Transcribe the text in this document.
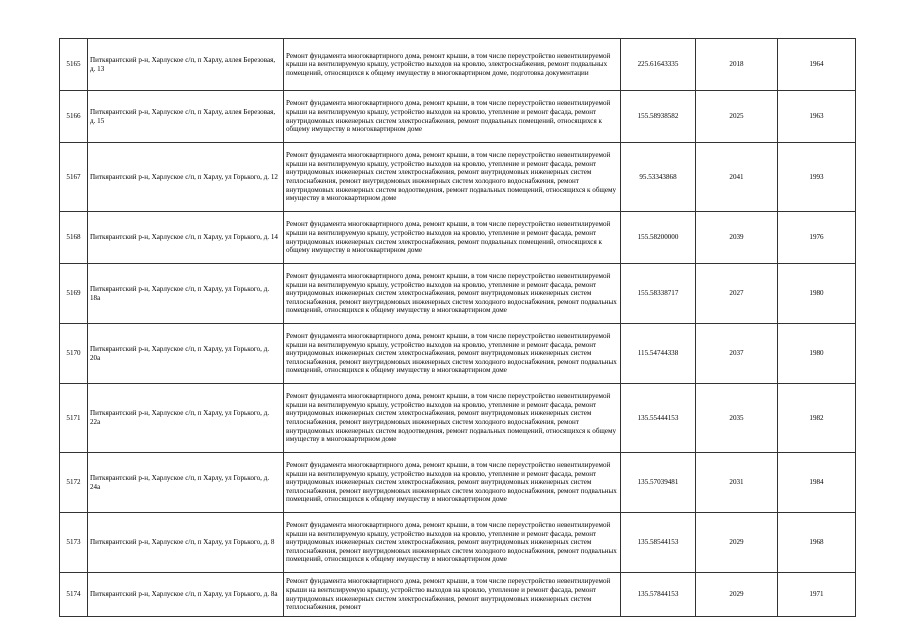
5165	Питкярантский р-н, Харлуское с/п, п Харлу, аллея Березовая, д. 13	Ремонт фундамента многоквартирного дома, ремонт крыши, в том числе переустройство невентилируемой крыши на вентилируемую крышу, устройство выходов на кровлю, электроснабжения, ремонт подвальных помещений, относящихся к общему имуществу в многоквартирном доме, подготовка документации	225.61643335	2018	1964
5166	Питкярантский р-н, Харлуское с/п, п Харлу, аллея Березовая, д. 15	Ремонт фундамента многоквартирного дома, ремонт крыши, в том числе переустройство невентилируемой крыши на вентилируемую крышу, устройство выходов на кровлю, утепление и ремонт фасада, ремонт внутридомовых инженерных систем электроснабжения, ремонт подвальных помещений, относящихся к общему имуществу в многоквартирном доме	155.58938582	2025	1963
5167	Питкярантский р-н, Харлуское с/п, п Харлу, ул Горького, д. 12	Ремонт фундамента многоквартирного дома, ремонт крыши, в том числе переустройство невентилируемой крыши на вентилируемую крышу, устройство выходов на кровлю, утепление и ремонт фасада, ремонт внутридомовых инженерных систем электроснабжения, ремонт внутридомовых инженерных систем теплоснабжения, ремонт внутридомовых инженерных систем холодного водоснабжения, ремонт внутридомовых инженерных систем водоотведения, ремонт подвальных помещений, относящихся к общему имуществу в многоквартирном доме	95.53343868	2041	1993
5168	Питкярантский р-н, Харлуское с/п, п Харлу, ул Горького, д. 14	Ремонт фундамента многоквартирного дома, ремонт крыши, в том числе переустройство невентилируемой крыши на вентилируемую крышу, устройство выходов на кровлю, утепление и ремонт фасада, ремонт внутридомовых инженерных систем электроснабжения, ремонт подвальных помещений, относящихся к общему имуществу в многоквартирном доме	155.58200000	2039	1976
5169	Питкярантский р-н, Харлуское с/п, п Харлу, ул Горького, д. 18а	Ремонт фундамента многоквартирного дома, ремонт крыши, в том числе переустройство невентилируемой крыши на вентилируемую крышу, устройство выходов на кровлю, утепление и ремонт фасада, ремонт внутридомовых инженерных систем электроснабжения, ремонт внутридомовых инженерных систем теплоснабжения, ремонт внутридомовых инженерных систем холодного водоснабжения, ремонт подвальных помещений, относящихся к общему имуществу в многоквартирном доме	155.58338717	2027	1980
5170	Питкярантский р-н, Харлуское с/п, п Харлу, ул Горького, д. 20а	Ремонт фундамента многоквартирного дома, ремонт крыши, в том числе переустройство невентилируемой крыши на вентилируемую крышу, устройство выходов на кровлю, утепление и ремонт фасада, ремонт внутридомовых инженерных систем электроснабжения, ремонт внутридомовых инженерных систем теплоснабжения, ремонт внутридомовых инженерных систем холодного водоснабжения, ремонт подвальных помещений, относящихся к общему имуществу в многоквартирном доме	115.54744338	2037	1980
5171	Питкярантский р-н, Харлуское с/п, п Харлу, ул Горького, д. 22а	Ремонт фундамента многоквартирного дома, ремонт крыши, в том числе переустройство невентилируемой крыши на вентилируемую крышу, устройство выходов на кровлю, утепление и ремонт фасада, ремонт внутридомовых инженерных систем электроснабжения, ремонт внутридомовых инженерных систем теплоснабжения, ремонт внутридомовых инженерных систем холодного водоснабжения, ремонт внутридомовых инженерных систем водоотведения, ремонт подвальных помещений, относящихся к общему имуществу в многоквартирном доме	135.55444153	2035	1982
5172	Питкярантский р-н, Харлуское с/п, п Харлу, ул Горького, д. 24а	Ремонт фундамента многоквартирного дома, ремонт крыши, в том числе переустройство невентилируемой крыши на вентилируемую крышу, устройство выходов на кровлю, утепление и ремонт фасада, ремонт внутридомовых инженерных систем электроснабжения, ремонт внутридомовых инженерных систем теплоснабжения, ремонт внутридомовых инженерных систем холодного водоснабжения, ремонт подвальных помещений, относящихся к общему имуществу в многоквартирном доме	135.57039481	2031	1984
5173	Питкярантский р-н, Харлуское с/п, п Харлу, ул Горького, д. 8	Ремонт фундамента многоквартирного дома, ремонт крыши, в том числе переустройство невентилируемой крыши на вентилируемую крышу, устройство выходов на кровлю, утепление и ремонт фасада, ремонт внутридомовых инженерных систем электроснабжения, ремонт внутридомовых инженерных систем теплоснабжения, ремонт внутридомовых инженерных систем холодного водоснабжения, ремонт подвальных помещений, относящихся к общему имуществу в многоквартирном доме	135.58544153	2029	1968
5174	Питкярантский р-н, Харлуское с/п, п Харлу, ул Горького, д. 8а	Ремонт фундамента многоквартирного дома, ремонт крыши, в том числе переустройство невентилируемой крыши на вентилируемую крышу, устройство выходов на кровлю, утепление и ремонт фасада, ремонт внутридомовых инженерных систем электроснабжения, ремонт внутридомовых инженерных систем теплоснабжения, ремонт	135.57844153	2029	1971
